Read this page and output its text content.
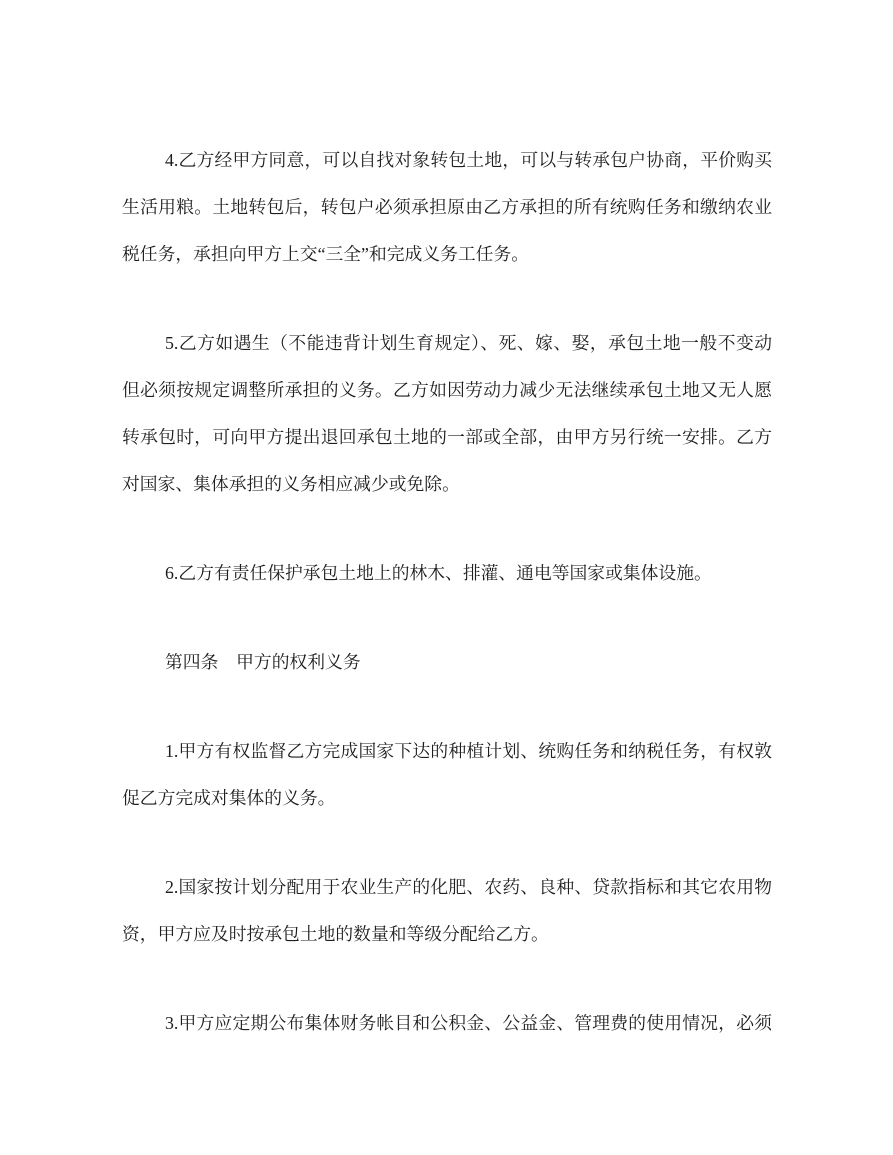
4.乙方经甲方同意，可以自找对象转包土地，可以与转承包户协商，平价购买
生活用粮。土地转包后，转包户必须承担原由乙方承担的所有统购任务和缴纳农业
税任务，承担向甲方上交“三全”和完成义务工任务。
5.乙方如遇生（不能违背计划生育规定）、死、嫁、娶，承包土地一般不变动
但必须按规定调整所承担的义务。乙方如因劳动力减少无法继续承包土地又无人愿
转承包时，可向甲方提出退回承包土地的一部或全部，由甲方另行统一安排。乙方
对国家、集体承担的义务相应减少或免除。
6.乙方有责任保护承包土地上的林木、排灌、通电等国家或集体设施。
第四条　甲方的权利义务
1.甲方有权监督乙方完成国家下达的种植计划、统购任务和纳税任务，有权敦
促乙方完成对集体的义务。
2.国家按计划分配用于农业生产的化肥、农药、良种、贷款指标和其它农用物
资，甲方应及时按承包土地的数量和等级分配给乙方。
3.甲方应定期公布集体财务帐目和公积金、公益金、管理费的使用情况，必须
